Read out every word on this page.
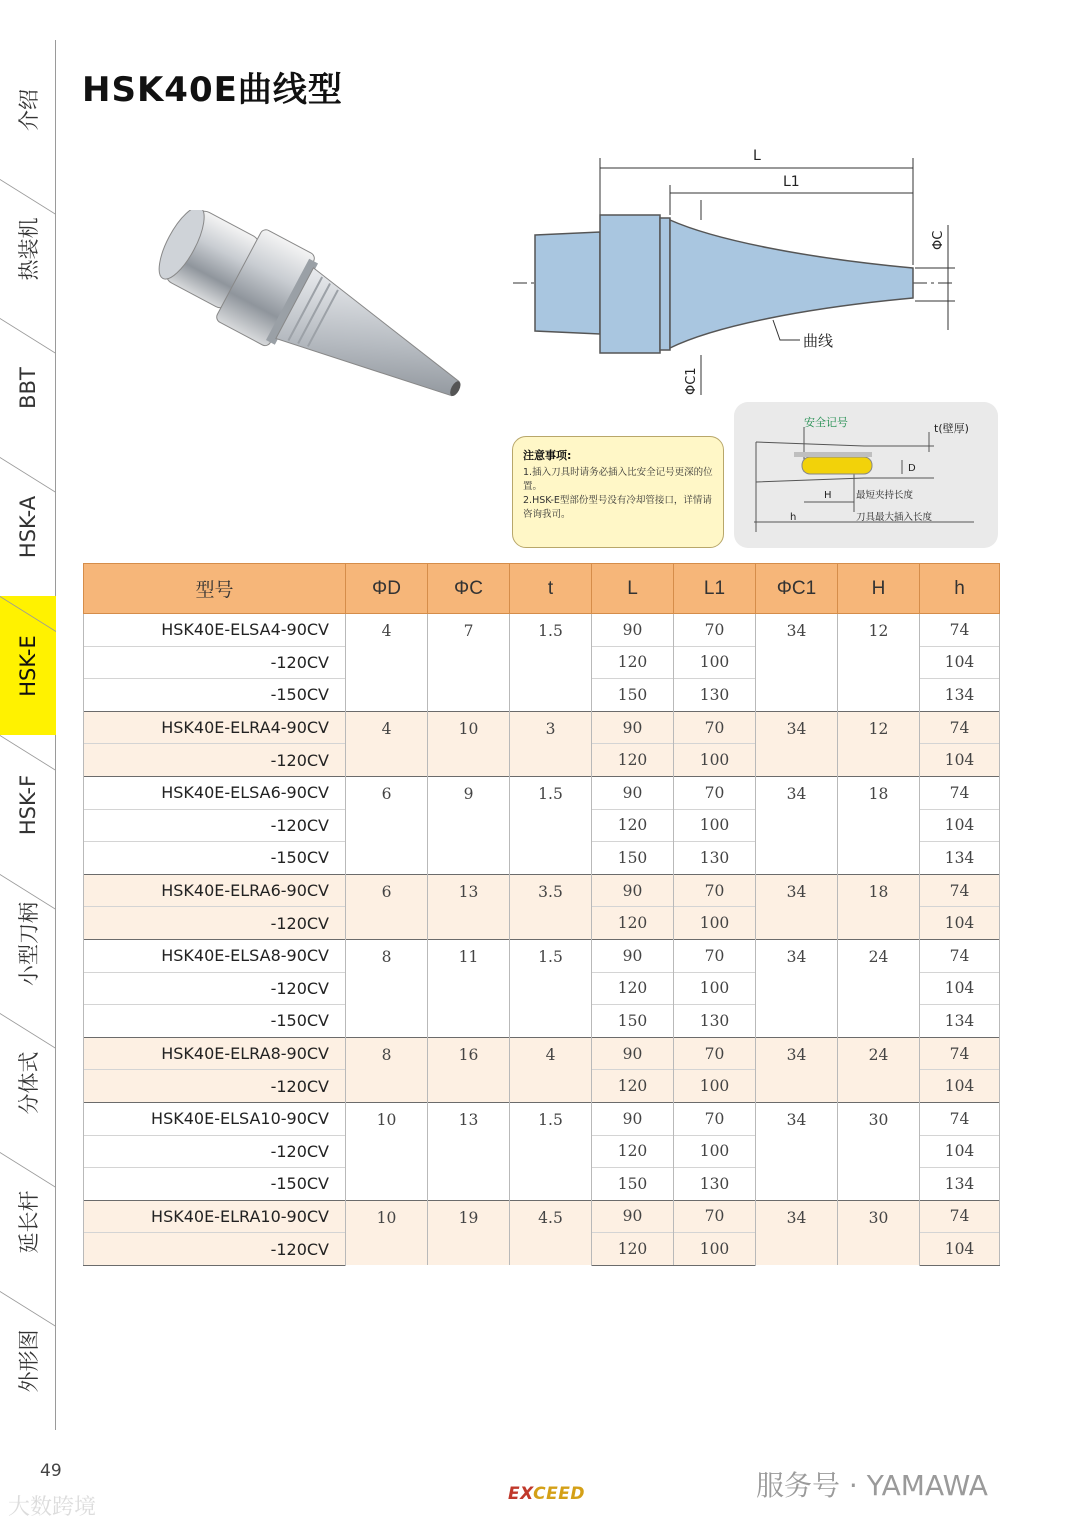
介绍
热装机
BBT
HSK-A
HSK-E
HSK-F
小型刀柄
分体式
延长杆
外形图
HSK40E曲线型
L
L1
ΦC
ΦC1
曲线
注意事项:
1.插入刀具时请务必插入比安全记号更深的位置。
2.HSK-E型部份型号没有冷却管接口，详情请咨询我司。
安全记号	t(壁厚)
D
H
h
最短夹持长度
刀具最大插入长度
型号	ΦD	ΦC	t	L	L1	ΦC1	H	h
HSK40E-ELSA4-90CV	4	7	1.5	90	70	34	12	74
-120CV				120	100			104
-150CV				150	130			134
HSK40E-ELRA4-90CV	4	10	3	90	70	34	12	74
-120CV				120	100			104
HSK40E-ELSA6-90CV	6	9	1.5	90	70	34	18	74
-120CV				120	100			104
-150CV				150	130			134
HSK40E-ELRA6-90CV	6	13	3.5	90	70	34	18	74
-120CV				120	100			104
HSK40E-ELSA8-90CV	8	11	1.5	90	70	34	24	74
-120CV				120	100			104
-150CV				150	130			134
HSK40E-ELRA8-90CV	8	16	4	90	70	34	24	74
-120CV				120	100			104
HSK40E-ELSA10-90CV	10	13	1.5	90	70	34	30	74
-120CV				120	100			104
-150CV				150	130			134
HSK40E-ELRA10-90CV	10	19	4.5	90	70	34	30	74
-120CV				120	100			104
49
EXCEED
大数跨境
服务号 · YAMAWA
